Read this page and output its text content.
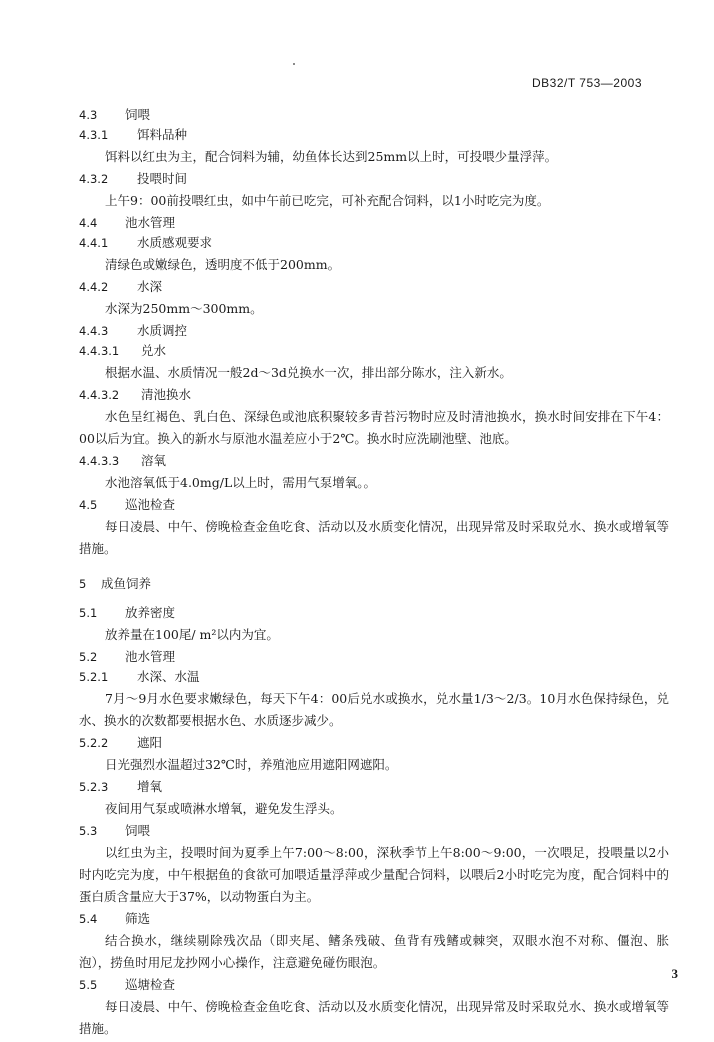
DB32/T 753—2003
4.3 饲喂
4.3.1 饵料品种
饵料以红虫为主，配合饲料为辅，幼鱼体长达到25mm以上时，可投喂少量浮萍。
4.3.2 投喂时间
上午9：00前投喂红虫，如中午前已吃完，可补充配合饲料，以1小时吃完为度。
4.4 池水管理
4.4.1 水质感观要求
清绿色或嫩绿色，透明度不低于200mm。
4.4.2 水深
水深为250mm～300mm。
4.4.3 水质调控
4.4.3.1 兑水
根据水温、水质情况一般2d～3d兑换水一次，排出部分陈水，注入新水。
4.4.3.2 清池换水
水色呈红褐色、乳白色、深绿色或池底积聚较多青苔污物时应及时清池换水，换水时间安排在下午4：00以后为宜。换入的新水与原池水温差应小于2℃。换水时应洗刷池壁、池底。
4.4.3.3 溶氧
水池溶氧低于4.0mg/L以上时，需用气泵增氧。。
4.5 巡池检查
每日凌晨、中午、傍晚检查金鱼吃食、活动以及水质变化情况，出现异常及时采取兑水、换水或增氧等措施。
5 成鱼饲养
5.1 放养密度
放养量在100尾/ m²以内为宜。
5.2 池水管理
5.2.1 水深、水温
7月～9月水色要求嫩绿色，每天下午4：00后兑水或换水，兑水量1/3～2/3。10月水色保持绿色，兑水、换水的次数都要根据水色、水质逐步减少。
5.2.2 遮阳
日光强烈水温超过32℃时，养殖池应用遮阳网遮阳。
5.2.3 增氧
夜间用气泵或喷淋水增氧，避免发生浮头。
5.3 饲喂
以红虫为主，投喂时间为夏季上午7:00～8:00，深秋季节上午8:00～9:00，一次喂足，投喂量以2小时内吃完为度，中午根据鱼的食欲可加喂适量浮萍或少量配合饲料，以喂后2小时吃完为度，配合饲料中的蛋白质含量应大于37%，以动物蛋白为主。
5.4 筛选
结合换水，继续剔除残次品（即夹尾、鳍条残破、鱼背有残鳍或棘突，双眼水泡不对称、僵泡、胀泡），捞鱼时用尼龙抄网小心操作，注意避免碰伤眼泡。
5.5 巡塘检查
每日凌晨、中午、傍晚检查金鱼吃食、活动以及水质变化情况，出现异常及时采取兑水、换水或增氧等措施。
3
